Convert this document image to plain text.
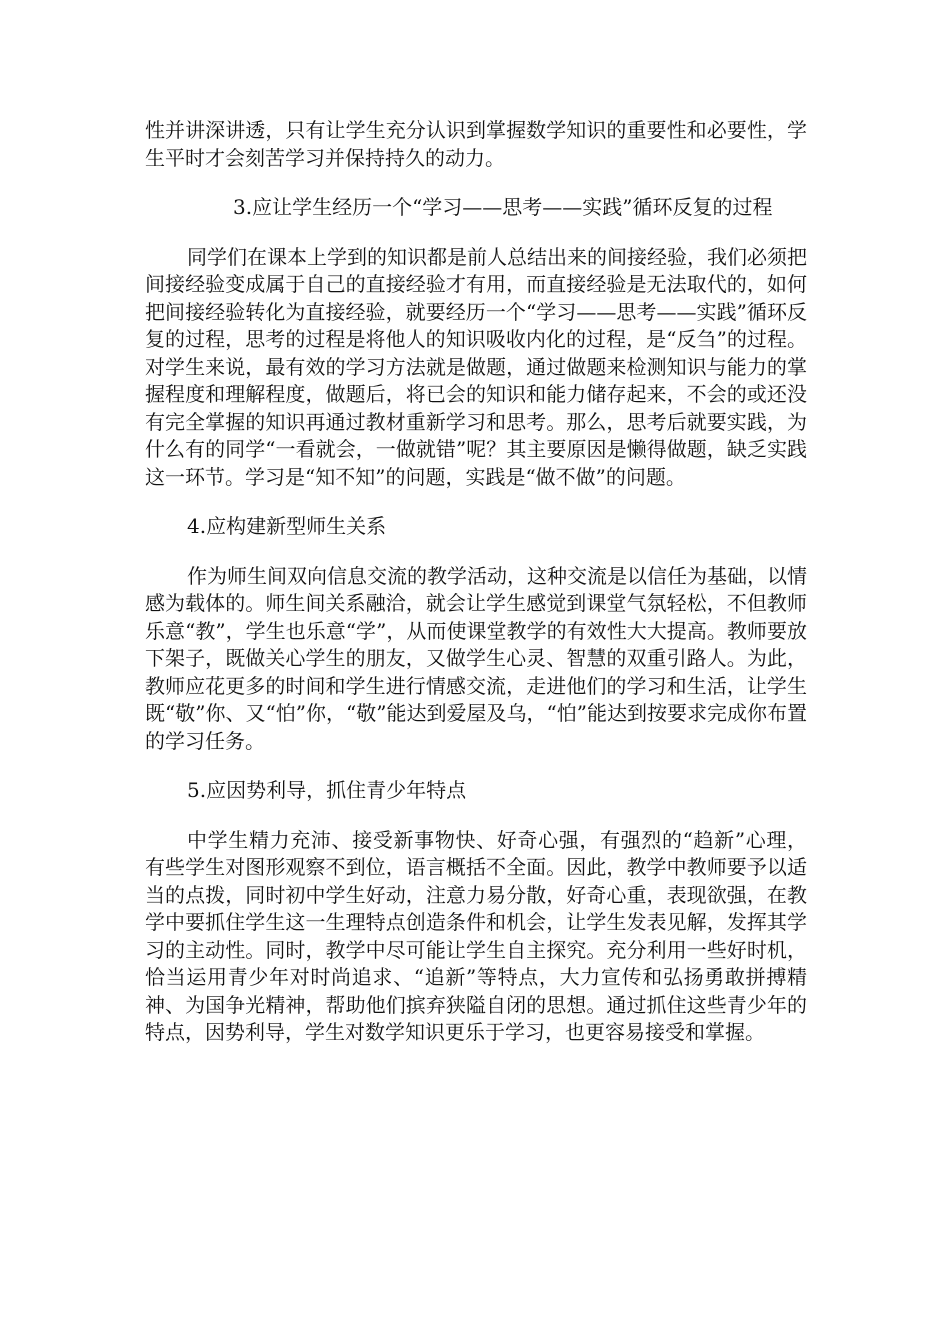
性并讲深讲透，只有让学生充分认识到掌握数学知识的重要性和必要性，学生平时才会刻苦学习并保持持久的动力。

3.应让学生经历一个“学习——思考——实践”循环反复的过程

同学们在课本上学到的知识都是前人总结出来的间接经验，我们必须把间接经验变成属于自己的直接经验才有用，而直接经验是无法取代的，如何把间接经验转化为直接经验，就要经历一个“学习——思考——实践”循环反复的过程，思考的过程是将他人的知识吸收内化的过程，是“反刍”的过程。对学生来说，最有效的学习方法就是做题，通过做题来检测知识与能力的掌握程度和理解程度，做题后，将已会的知识和能力储存起来，不会的或还没有完全掌握的知识再通过教材重新学习和思考。那么，思考后就要实践，为什么有的同学“一看就会，一做就错”呢？其主要原因是懒得做题，缺乏实践这一环节。学习是“知不知”的问题，实践是“做不做”的问题。

4.应构建新型师生关系

作为师生间双向信息交流的教学活动，这种交流是以信任为基础，以情感为载体的。师生间关系融洽，就会让学生感觉到课堂气氛轻松，不但教师乐意“教”，学生也乐意“学”，从而使课堂教学的有效性大大提高。教师要放下架子，既做关心学生的朋友，又做学生心灵、智慧的双重引路人。为此，教师应花更多的时间和学生进行情感交流，走进他们的学习和生活，让学生既“敬”你、又“怕”你，“敬”能达到爱屋及乌，“怕”能达到按要求完成你布置的学习任务。

5.应因势利导，抓住青少年特点

中学生精力充沛、接受新事物快、好奇心强，有强烈的“趋新”心理，有些学生对图形观察不到位，语言概括不全面。因此，教学中教师要予以适当的点拨，同时初中学生好动，注意力易分散，好奇心重，表现欲强，在教学中要抓住学生这一生理特点创造条件和机会，让学生发表见解，发挥其学习的主动性。同时，教学中尽可能让学生自主探究。充分利用一些好时机，恰当运用青少年对时尚追求、“追新”等特点，大力宣传和弘扬勇敢拼搏精神、为国争光精神，帮助他们摈弃狭隘自闭的思想。通过抓住这些青少年的特点，因势利导，学生对数学知识更乐于学习，也更容易接受和掌握。
